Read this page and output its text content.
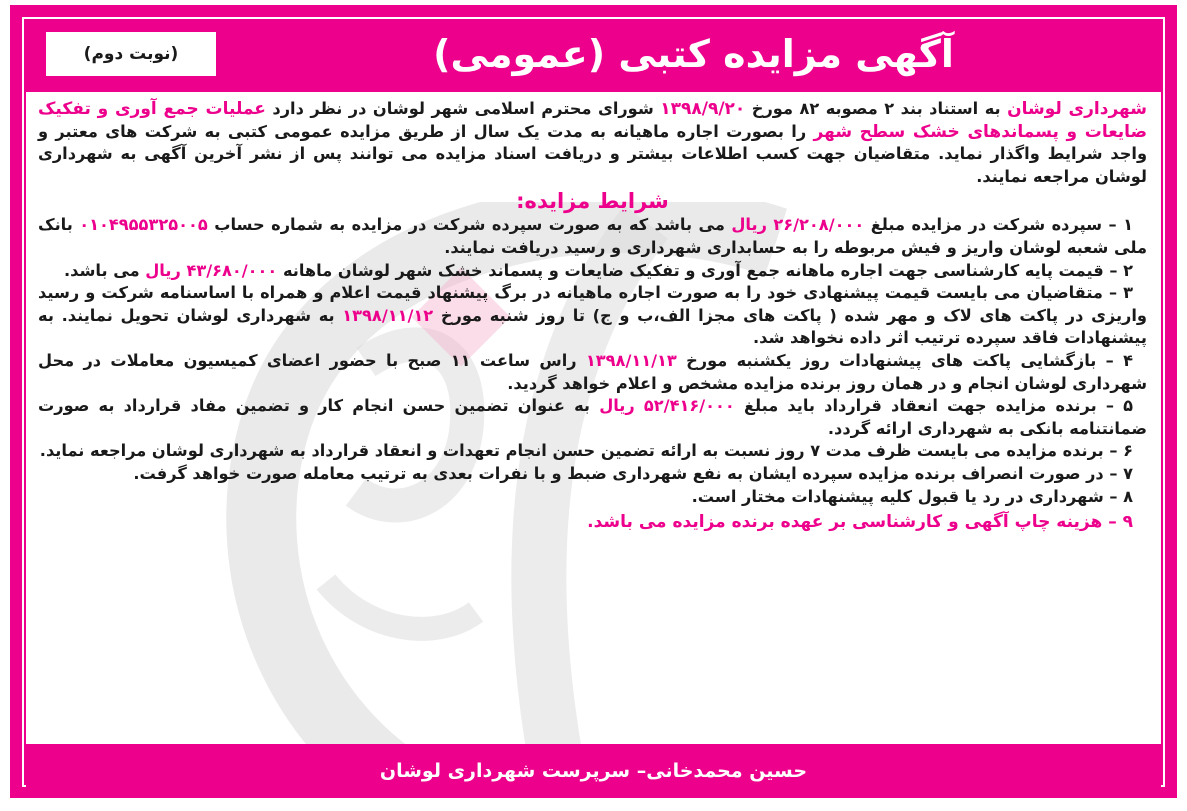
(نوبت دوم)	آگهی مزایده کتبی (عمومی)

شهرداری لوشان به استناد بند ۲ مصوبه ۸۲ مورخ ۱۳۹۸/۹/۲۰ شورای محترم اسلامی شهر لوشان در نظر دارد عملیات جمع آوری و تفکیک ضایعات و پسماندهای خشک سطح شهر را بصورت اجاره ماهیانه به مدت یک سال از طریق مزایده عمومی کتبی به شرکت های معتبر و واجد شرایط واگذار نماید. متقاضیان جهت کسب اطلاعات بیشتر و دریافت اسناد مزایده می توانند پس از نشر آخرین آگهی به شهرداری لوشان مراجعه نمایند.

شرایط مزایده:

۱ – سپرده شرکت در مزایده مبلغ ۲۶/۲۰۸/۰۰۰ ریال می باشد که به صورت سپرده شرکت در مزایده به شماره حساب ۰۱۰۴۹۵۵۳۲۵۰۰۵ بانک ملی شعبه لوشان واریز و فیش مربوطه را به حسابداری شهرداری و رسید دریافت نمایند.

۲ – قیمت پایه کارشناسی جهت اجاره ماهانه جمع آوری و تفکیک ضایعات و پسماند خشک شهر لوشان ماهانه ۴۳/۶۸۰/۰۰۰ ریال می باشد.

۳ – متقاضیان می بایست قیمت پیشنهادی خود را به صورت اجاره ماهیانه در برگ پیشنهاد قیمت اعلام و همراه با اساسنامه شرکت و رسید واریزی در پاکت های لاک و مهر شده ( پاکت های مجزا الف،ب و ج) تا روز شنبه مورخ ۱۳۹۸/۱۱/۱۲ به شهرداری لوشان تحویل نمایند. به پیشنهادات فاقد سپرده ترتیب اثر داده نخواهد شد.

۴ – بازگشایی پاکت های پیشنهادات روز یکشنبه مورخ ۱۳۹۸/۱۱/۱۳ راس ساعت ۱۱ صبح با حضور اعضای کمیسیون معاملات در محل شهرداری لوشان انجام و در همان روز برنده مزایده مشخص و اعلام خواهد گردید.

۵ – برنده مزایده جهت انعقاد قرارداد باید مبلغ ۵۲/۴۱۶/۰۰۰ ریال به عنوان تضمین حسن انجام کار و تضمین مفاد قرارداد به صورت ضمانتنامه بانکی به شهرداری ارائه گردد.

۶ – برنده مزایده می بایست ظرف مدت ۷ روز نسبت به ارائه تضمین حسن انجام تعهدات و انعقاد قرارداد به شهرداری لوشان مراجعه نماید.

۷ – در صورت انصراف برنده مزایده سپرده ایشان به نفع شهرداری ضبط و با نفرات بعدی به ترتیب معامله صورت خواهد گرفت.

۸ – شهرداری در رد یا قبول کلیه پیشنهادات مختار است.

۹ – هزینه چاپ آگهی و کارشناسی بر عهده برنده مزایده می باشد.

حسین محمدخانی– سرپرست شهرداری لوشان
